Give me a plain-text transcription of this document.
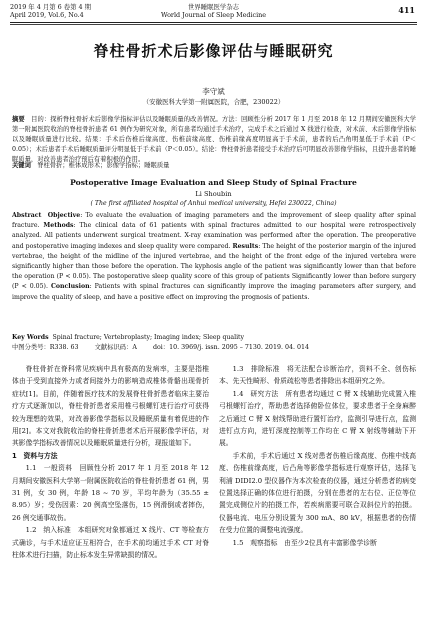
2019 年 4 月第 6 卷第 4 期
April 2019, Vol.6, No.4
世界睡眠医学杂志
World Journal of Sleep Medicine	411
脊柱骨折术后影像评估与睡眠研究
李守斌
（安徽医科大学第一附属医院，合肥，230022）
摘要　 目的：探析脊柱骨折术后影像学指标评估以及睡眠质量的改善情况。方法：回顾性分析 2017 年 1 月至 2018 年 12 月期间安徽医科大学第一附属医院收治的脊柱骨折患者 61 例作为研究对象，所有患者均通过手术治疗，完成手术之后通过 X 线进行检查，对术前、术后影像学指标以及睡眠质量进行比较。结果：手术后伤椎后缘高度、伤椎前缘高度、伤椎前缘高度明显高于手术前，患者的后凸角明显低于手术前（P＜0.05）；术后患者手术后睡眠质量评分明显低于手术前（P＜0.05）。结论：脊柱骨折患者接受手术治疗后可明显改善影像学指标，且提升患者的睡眠质量，对改善患者治疗预后有着积极的作用。
关键词　 脊柱骨折；椎体成形术；影像学指标；睡眠质量
Postoperative Image Evaluation and Sleep Study of Spinal Fracture
Li Shoubin
( The first affiliated hospital of Anhui medical university, Hefei 230022, China)
Abstract Objective: To evaluate the evaluation of imaging parameters and the improvement of sleep quality after spinal fracture. Methods: The clinical data of 61 patients with spinal fractures admitted to our hospital were retrospectively analyzed. All patients underwent surgical treatment. X-ray examination was performed after the operation. The preoperative and postoperative imaging indexes and sleep quality were compared. Results: The height of the posterior margin of the injured vertebrae, the height of the midline of the injured vertebrae, and the height of the front edge of the injured vertebra were significantly higher than those before the operation. The kyphosis angle of the patient was significantly lower than that before the operation (P < 0.05). The postoperative sleep quality score of this group of patients Significantly lower than before surgery (P < 0.05). Conclusion: Patients with spinal fractures can significantly improve the imaging parameters after surgery, and improve the quality of sleep, and have a positive effect on improving the prognosis of patients.
Key Words Spinal fracture; Vertebroplasty; Imaging index; Sleep quality
中图分类号：R338. 63	文献标识码：A	doi：10. 3969/j. issn. 2095 – 7130. 2019. 04. 014

脊柱骨折在脊科常见疾病中具有极高的发病率，主要是指椎体由于受到直接外力或者间接外力的影响造成椎体骨骼出现骨折症状[1]。目前，伴随着医疗技术的发展脊柱骨折患者临床主要治疗方式逐渐加以，脊柱骨折患者采用椎弓根螺钉进行治疗可获得较为理想的效果，对改善影像学指标以及睡眠质量有着促进的作用[2]。本文对我院收治的脊柱骨折患者术后开展影像学评估，对其影像学指标改善情况以及睡眠质量进行分析，现报道如下。

1　资料与方法

1.1　一般资料　回顾性分析 2017 年 1 月至 2018 年 12 月期间安徽医科大学第一附属医院收治的脊柱骨折患者 61 例，男 31 例，女 30 例，年龄 18 ~ 70 岁，平均年龄为（35.55 ± 8.95）岁；受伤因素：20 例高空坠落伤，15 例滑倒或者摔伤，26 例交通事故伤。

1.2　纳入标准　本组研究对象都通过 X 线片、CT 等检查方式确诊，与手术适应证互相符合，在手术前均通过手术 CT 对脊柱体术进行扫描，防止标本发生异常缺损的情况。

1.3　排除标准　将无法配合诊断治疗，资料不全、创伤标本、先天性畸形、骨质疏松等患者排除出本组研究之外。

1.4　研究方法　所有患者均通过 C 臂 X 线辅助完成置入椎弓根螺钉治疗，帮助患者选择俯卧位体位，要求患者于全身麻醉之后通过 C 臂 X 射线帮助进行置钉治疗，监测引导进行点，监测进钉点方向，进钉深度控制等工作均在 C 臂 X 射线等辅助下开展。

手术前，手术后通过 X 线对患者伤椎后缘高度、伤椎中线高度、伤椎前缘高度，后凸角等影像学指标进行观察评估，选择飞利浦 DIDI2.0 型仪器作为本次检查的仪器，通过分析患者的病变位置选择正确的体位进行拍摄，分别在患者的左右位、正位等位置完成侧位片的拍摄工作，若疾病需要可联合双斜位片的拍摄。仪器电流、电压分别设置为 300 mA、80 kV，根据患者的伤情在受力位置的调整电流强度。

1.5　观察指标　由至少2位具有丰富影像学诊断
